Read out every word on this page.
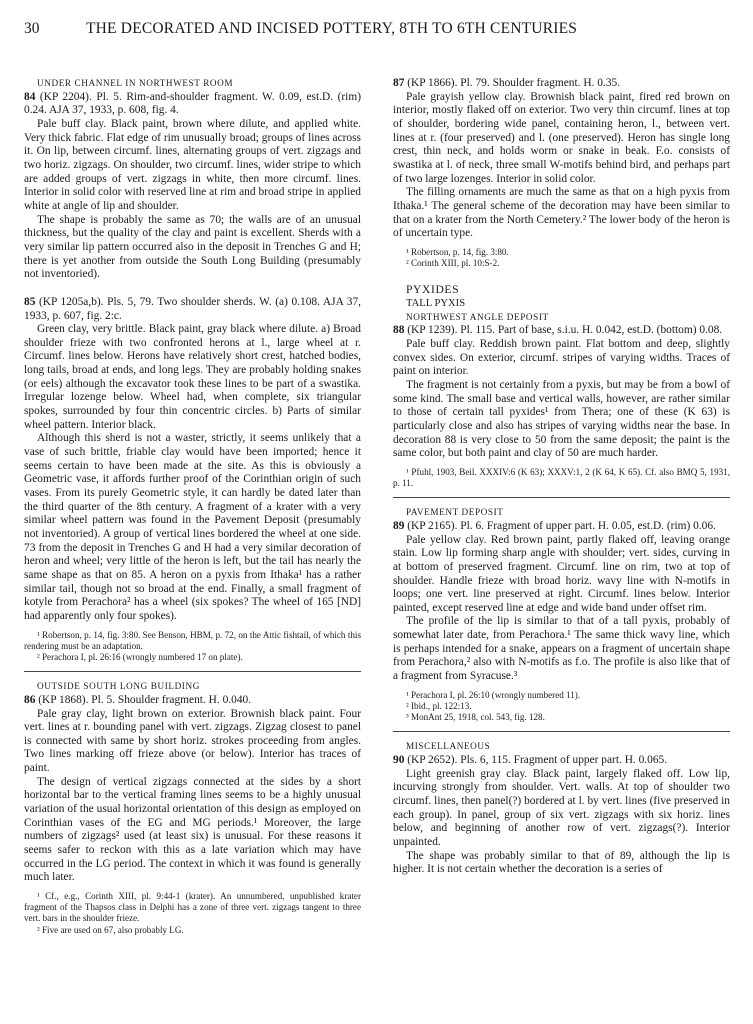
30	THE DECORATED AND INCISED POTTERY, 8TH TO 6TH CENTURIES

UNDER CHANNEL IN NORTHWEST ROOM

84 (KP 2204). Pl. 5. Rim-and-shoulder fragment. W. 0.09, est.D. (rim) 0.24. AJA 37, 1933, p. 608, fig. 4.

Pale buff clay. Black paint, brown where dilute, and applied white. Very thick fabric. Flat edge of rim unusually broad; groups of lines across it. On lip, between circumf. lines, alternating groups of vert. zigzags and two horiz. zigzags. On shoulder, two circumf. lines, wider stripe to which are added groups of vert. zigzags in white, then more circumf. lines. Interior in solid color with reserved line at rim and broad stripe in applied white at angle of lip and shoulder.

The shape is probably the same as 70; the walls are of an unusual thickness, but the quality of the clay and paint is excellent. Sherds with a very similar lip pattern occurred also in the deposit in Trenches G and H; there is yet another from outside the South Long Building (presumably not inventoried).

85 (KP 1205a,b). Pls. 5, 79. Two shoulder sherds. W. (a) 0.108. AJA 37, 1933, p. 607, fig. 2:c.

Green clay, very brittle. Black paint, gray black where dilute. a) Broad shoulder frieze with two confronted herons at l., large wheel at r. Circumf. lines below. Herons have relatively short crest, hatched bodies, long tails, broad at ends, and long legs. They are probably holding snakes (or eels) although the excavator took these lines to be part of a swastika. Irregular lozenge below. Wheel had, when complete, six triangular spokes, surrounded by four thin concentric circles. b) Parts of similar wheel pattern. Interior black.

Although this sherd is not a waster, strictly, it seems unlikely that a vase of such brittle, friable clay would have been imported; hence it seems certain to have been made at the site. As this is obviously a Geometric vase, it affords further proof of the Corinthian origin of such vases. From its purely Geometric style, it can hardly be dated later than the third quarter of the 8th century. A fragment of a krater with a very similar wheel pattern was found in the Pavement Deposit (presumably not inventoried). A group of vertical lines bordered the wheel at one side. 73 from the deposit in Trenches G and H had a very similar decoration of heron and wheel; very little of the heron is left, but the tail has nearly the same shape as that on 85. A heron on a pyxis from Ithaka¹ has a rather similar tail, though not so broad at the end. Finally, a small fragment of kotyle from Perachora² has a wheel (six spokes? The wheel of 165 [ND] had apparently only four spokes).

¹ Robertson, p. 14, fig. 3:80. See Benson, HBM, p. 72, on the Attic fishtail, of which this rendering must be an adaptation.

² Perachora I, pl. 26:16 (wrongly numbered 17 on plate).

OUTSIDE SOUTH LONG BUILDING

86 (KP 1868). Pl. 5. Shoulder fragment. H. 0.040.

Pale gray clay, light brown on exterior. Brownish black paint. Four vert. lines at r. bounding panel with vert. zigzags. Zigzag closest to panel is connected with same by short horiz. strokes proceeding from angles. Two lines marking off frieze above (or below). Interior has traces of paint.

The design of vertical zigzags connected at the sides by a short horizontal bar to the vertical framing lines seems to be a highly unusual variation of the usual horizontal orientation of this design as employed on Corinthian vases of the EG and MG periods.¹ Moreover, the large numbers of zigzags² used (at least six) is unusual. For these reasons it seems safer to reckon with this as a late variation which may have occurred in the LG period. The context in which it was found is generally much later.

¹ Cf., e.g., Corinth XIII, pl. 9:44-1 (krater). An unnumbered, unpublished krater fragment of the Thapsos class in Delphi has a zone of three vert. zigzags tangent to three vert. bars in the shoulder frieze.

² Five are used on 67, also probably LG.

87 (KP 1866). Pl. 79. Shoulder fragment. H. 0.35.

Pale grayish yellow clay. Brownish black paint, fired red brown on interior, mostly flaked off on exterior. Two very thin circumf. lines at top of shoulder, bordering wide panel, containing heron, l., between vert. lines at r. (four preserved) and l. (one preserved). Heron has single long crest, thin neck, and holds worm or snake in beak. F.o. consists of swastika at l. of neck, three small W-motifs behind bird, and perhaps part of two large lozenges. Interior in solid color.

The filling ornaments are much the same as that on a high pyxis from Ithaka.¹ The general scheme of the decoration may have been similar to that on a krater from the North Cemetery.² The lower body of the heron is of uncertain type.

¹ Robertson, p. 14, fig. 3:80.

² Corinth XIII, pl. 10:S-2.

PYXIDES

TALL PYXIS

NORTHWEST ANGLE DEPOSIT

88 (KP 1239). Pl. 115. Part of base, s.i.u. H. 0.042, est.D. (bottom) 0.08.

Pale buff clay. Reddish brown paint. Flat bottom and deep, slightly convex sides. On exterior, circumf. stripes of varying widths. Traces of paint on interior.

The fragment is not certainly from a pyxis, but may be from a bowl of some kind. The small base and vertical walls, however, are rather similar to those of certain tall pyxides¹ from Thera; one of these (K 63) is particularly close and also has stripes of varying widths near the base. In decoration 88 is very close to 50 from the same deposit; the paint is the same color, but both paint and clay of 50 are much harder.

¹ Pfuhl, 1903, Beil. XXXIV:6 (K 63); XXXV:1, 2 (K 64, K 65). Cf. also BMQ 5, 1931, p. 11.

PAVEMENT DEPOSIT

89 (KP 2165). Pl. 6. Fragment of upper part. H. 0.05, est.D. (rim) 0.06.

Pale yellow clay. Red brown paint, partly flaked off, leaving orange stain. Low lip forming sharp angle with shoulder; vert. sides, curving in at bottom of preserved fragment. Circumf. line on rim, two at top of shoulder. Handle frieze with broad horiz. wavy line with N-motifs in loops; one vert. line preserved at right. Circumf. lines below. Interior painted, except reserved line at edge and wide band under offset rim.

The profile of the lip is similar to that of a tall pyxis, probably of somewhat later date, from Perachora.¹ The same thick wavy line, which is perhaps intended for a snake, appears on a fragment of uncertain shape from Perachora,² also with N-motifs as f.o. The profile is also like that of a fragment from Syracuse.³

¹ Perachora I, pl. 26:10 (wrongly numbered 11).

² Ibid., pl. 122:13.

³ MonAnt 25, 1918, col. 543, fig. 128.

MISCELLANEOUS

90 (KP 2652). Pls. 6, 115. Fragment of upper part. H. 0.065.

Light greenish gray clay. Black paint, largely flaked off. Low lip, incurving strongly from shoulder. Vert. walls. At top of shoulder two circumf. lines, then panel(?) bordered at l. by vert. lines (five preserved in each group). In panel, group of six vert. zigzags with six horiz. lines below, and beginning of another row of vert. zigzags(?). Interior unpainted.

The shape was probably similar to that of 89, although the lip is higher. It is not certain whether the decoration is a series of
